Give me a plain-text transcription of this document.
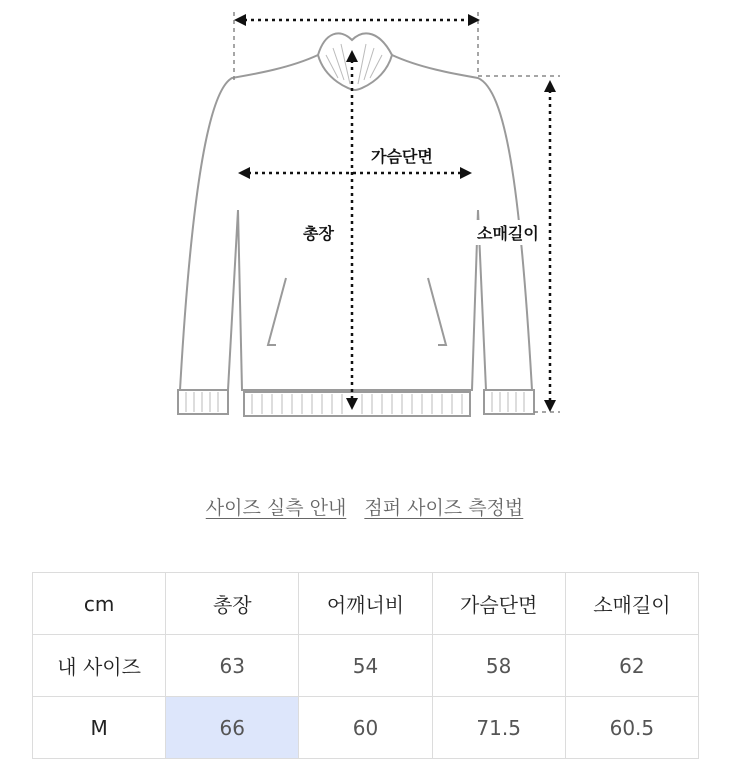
가슴단면
총장	소매길이
사이즈 실측 안내 점퍼 사이즈 측정법
cm	총장	어깨너비	가슴단면	소매길이
내 사이즈	63	54	58	62
M	66	60	71.5	60.5
